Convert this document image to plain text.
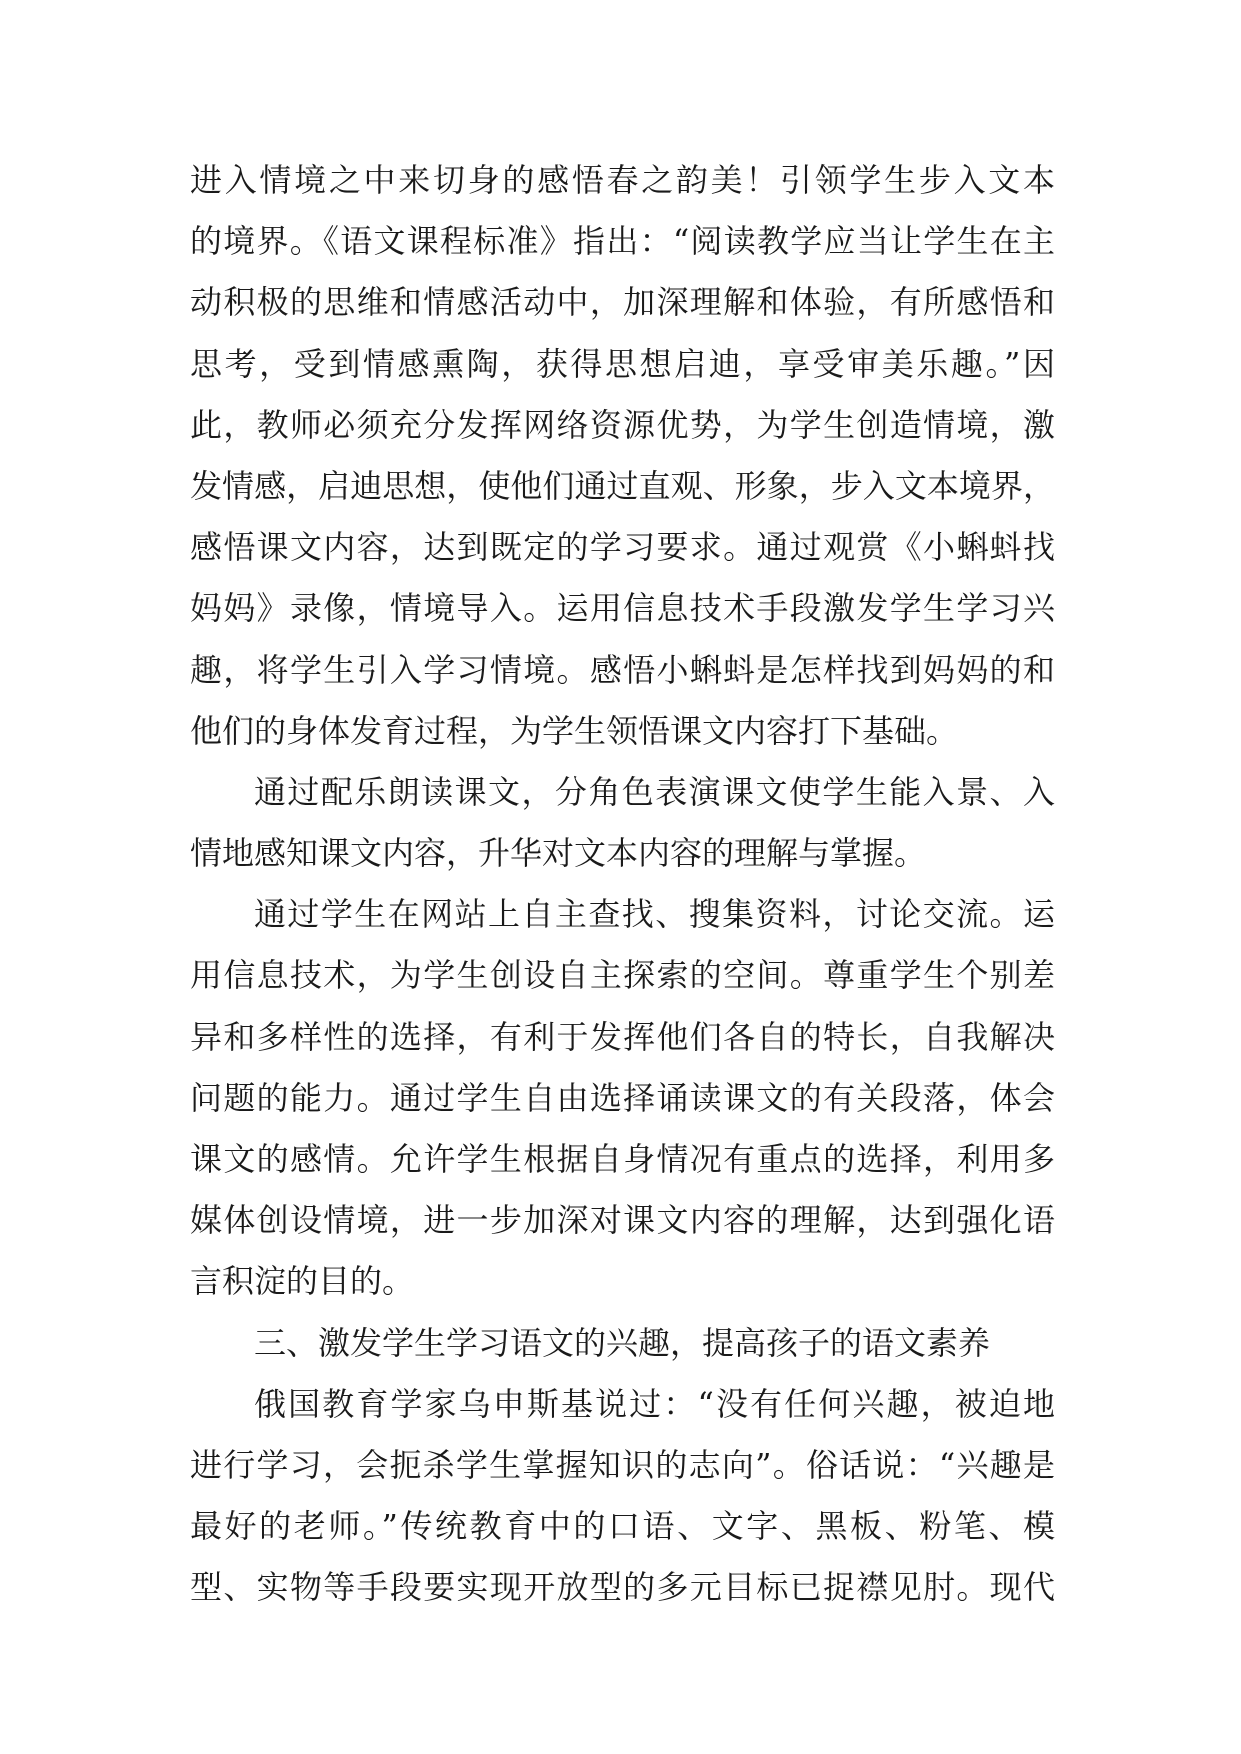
进入情境之中来切身的感悟春之韵美！引领学生步入文本
的境界。《语文课程标准》指出：“阅读教学应当让学生在主
动积极的思维和情感活动中，加深理解和体验，有所感悟和
思考，受到情感熏陶，获得思想启迪，享受审美乐趣。”因
此，教师必须充分发挥网络资源优势，为学生创造情境，激
发情感，启迪思想，使他们通过直观、形象，步入文本境界，
感悟课文内容，达到既定的学习要求。通过观赏《小蝌蚪找
妈妈》录像，情境导入。运用信息技术手段激发学生学习兴
趣，将学生引入学习情境。感悟小蝌蚪是怎样找到妈妈的和
他们的身体发育过程，为学生领悟课文内容打下基础。
通过配乐朗读课文，分角色表演课文使学生能入景、入
情地感知课文内容，升华对文本内容的理解与掌握。
通过学生在网站上自主查找、搜集资料，讨论交流。运
用信息技术，为学生创设自主探索的空间。尊重学生个别差
异和多样性的选择，有利于发挥他们各自的特长，自我解决
问题的能力。通过学生自由选择诵读课文的有关段落，体会
课文的感情。允许学生根据自身情况有重点的选择，利用多
媒体创设情境，进一步加深对课文内容的理解，达到强化语
言积淀的目的。
三、激发学生学习语文的兴趣，提高孩子的语文素养
俄国教育学家乌申斯基说过：“没有任何兴趣，被迫地
进行学习，会扼杀学生掌握知识的志向”。俗话说：“兴趣是
最好的老师。”传统教育中的口语、文字、黑板、粉笔、模
型、实物等手段要实现开放型的多元目标已捉襟见肘。现代
